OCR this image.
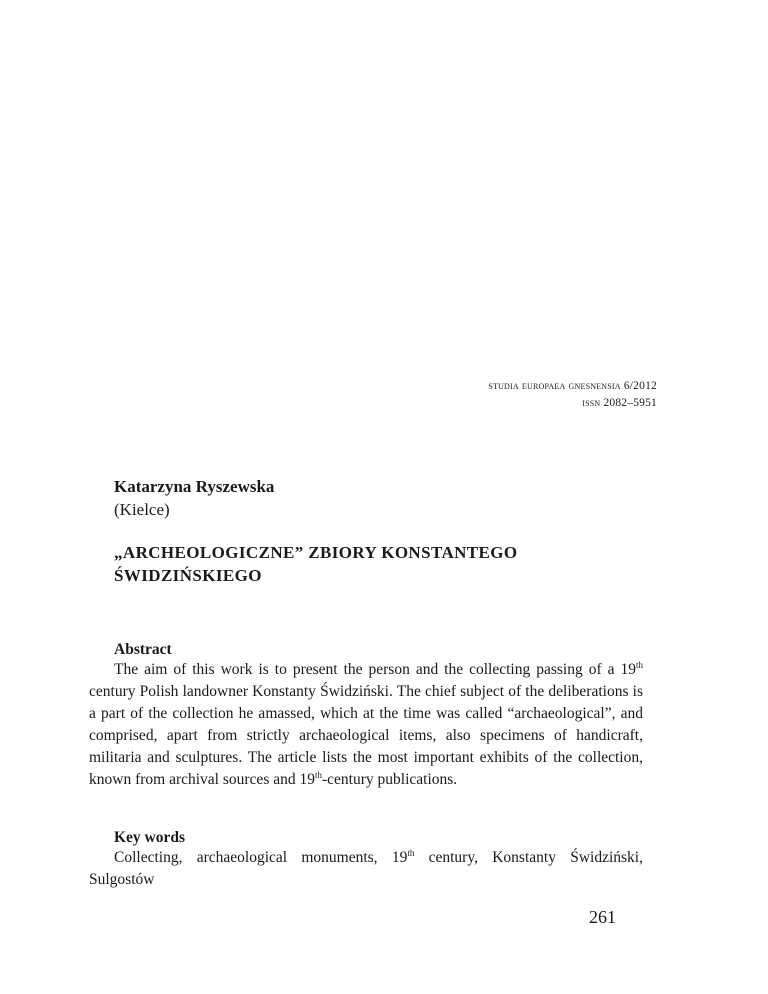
studia europaea gnesnensia 6/2012
issn 2082–5951
Katarzyna Ryszewska
(Kielce)
„ARCHEOLOGICZNE” ZBIORY KONSTANTEGO
ŚWIDZIŃSKIEGO
Abstract
The aim of this work is to present the person and the collecting passing of a 19th century Polish landowner Konstanty Świdziński. The chief subject of the deliberations is a part of the collection he amassed, which at the time was called “archaeological”, and comprised, apart from strictly archaeological items, also specimens of handicraft, militaria and sculptures. The article lists the most important exhibits of the collection, known from archival sources and 19th-century publications.
Key words
Collecting, archaeological monuments, 19th century, Konstanty Świdziński, Sulgostów
261
